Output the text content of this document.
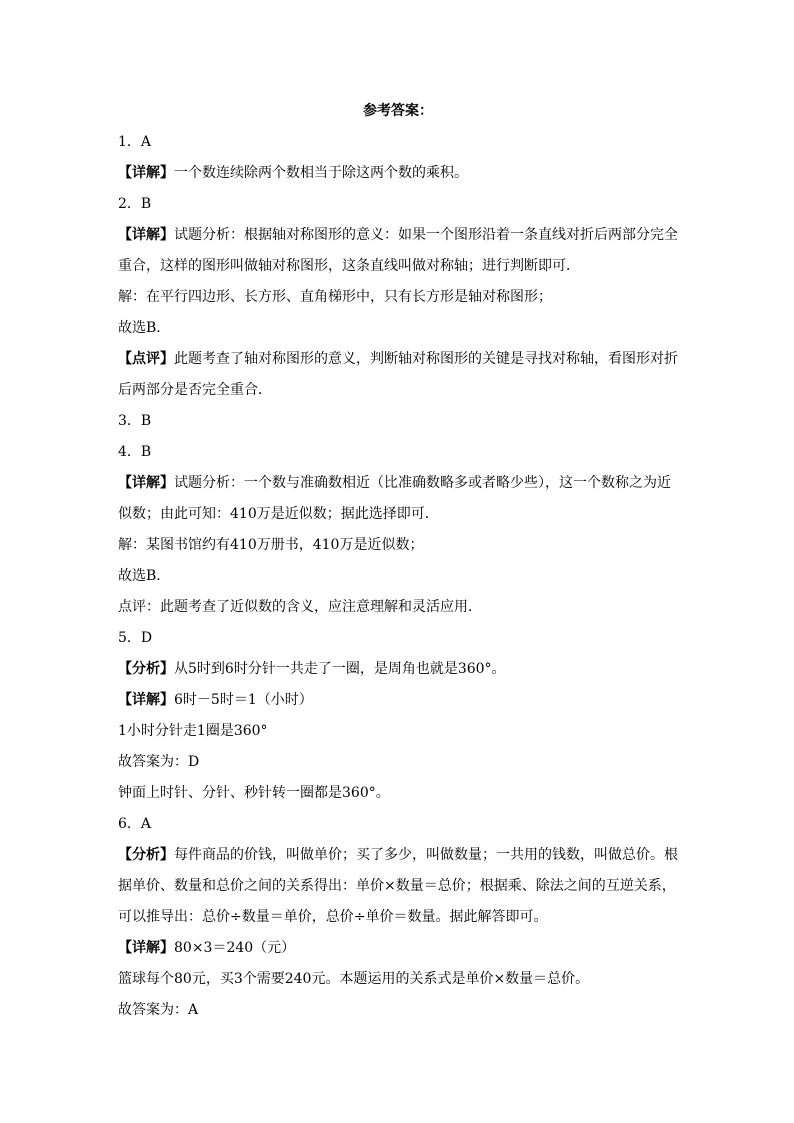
参考答案：

1．A

【详解】一个数连续除两个数相当于除这两个数的乘积。

2．B

【详解】试题分析：根据轴对称图形的意义：如果一个图形沿着一条直线对折后两部分完全重合，这样的图形叫做轴对称图形，这条直线叫做对称轴；进行判断即可．

解：在平行四边形、长方形、直角梯形中，只有长方形是轴对称图形；

故选B．

【点评】此题考查了轴对称图形的意义，判断轴对称图形的关键是寻找对称轴，看图形对折后两部分是否完全重合．

3．B

4．B

【详解】试题分析：一个数与准确数相近（比准确数略多或者略少些），这一个数称之为近似数；由此可知：410万是近似数；据此选择即可．

解：某图书馆约有410万册书，410万是近似数；

故选B．

点评：此题考查了近似数的含义，应注意理解和灵活应用．

5．D

【分析】从5时到6时分针一共走了一圈，是周角也就是360°。

【详解】6时－5时＝1（小时）

1小时分针走1圈是360°

故答案为：D

钟面上时针、分针、秒针转一圈都是360°。

6．A

【分析】每件商品的价钱，叫做单价；买了多少，叫做数量；一共用的钱数，叫做总价。根据单价、数量和总价之间的关系得出：单价×数量＝总价；根据乘、除法之间的互逆关系，可以推导出：总价÷数量＝单价，总价÷单价＝数量。据此解答即可。

【详解】80×3＝240（元）

篮球每个80元，买3个需要240元。本题运用的关系式是单价×数量＝总价。

故答案为：A
